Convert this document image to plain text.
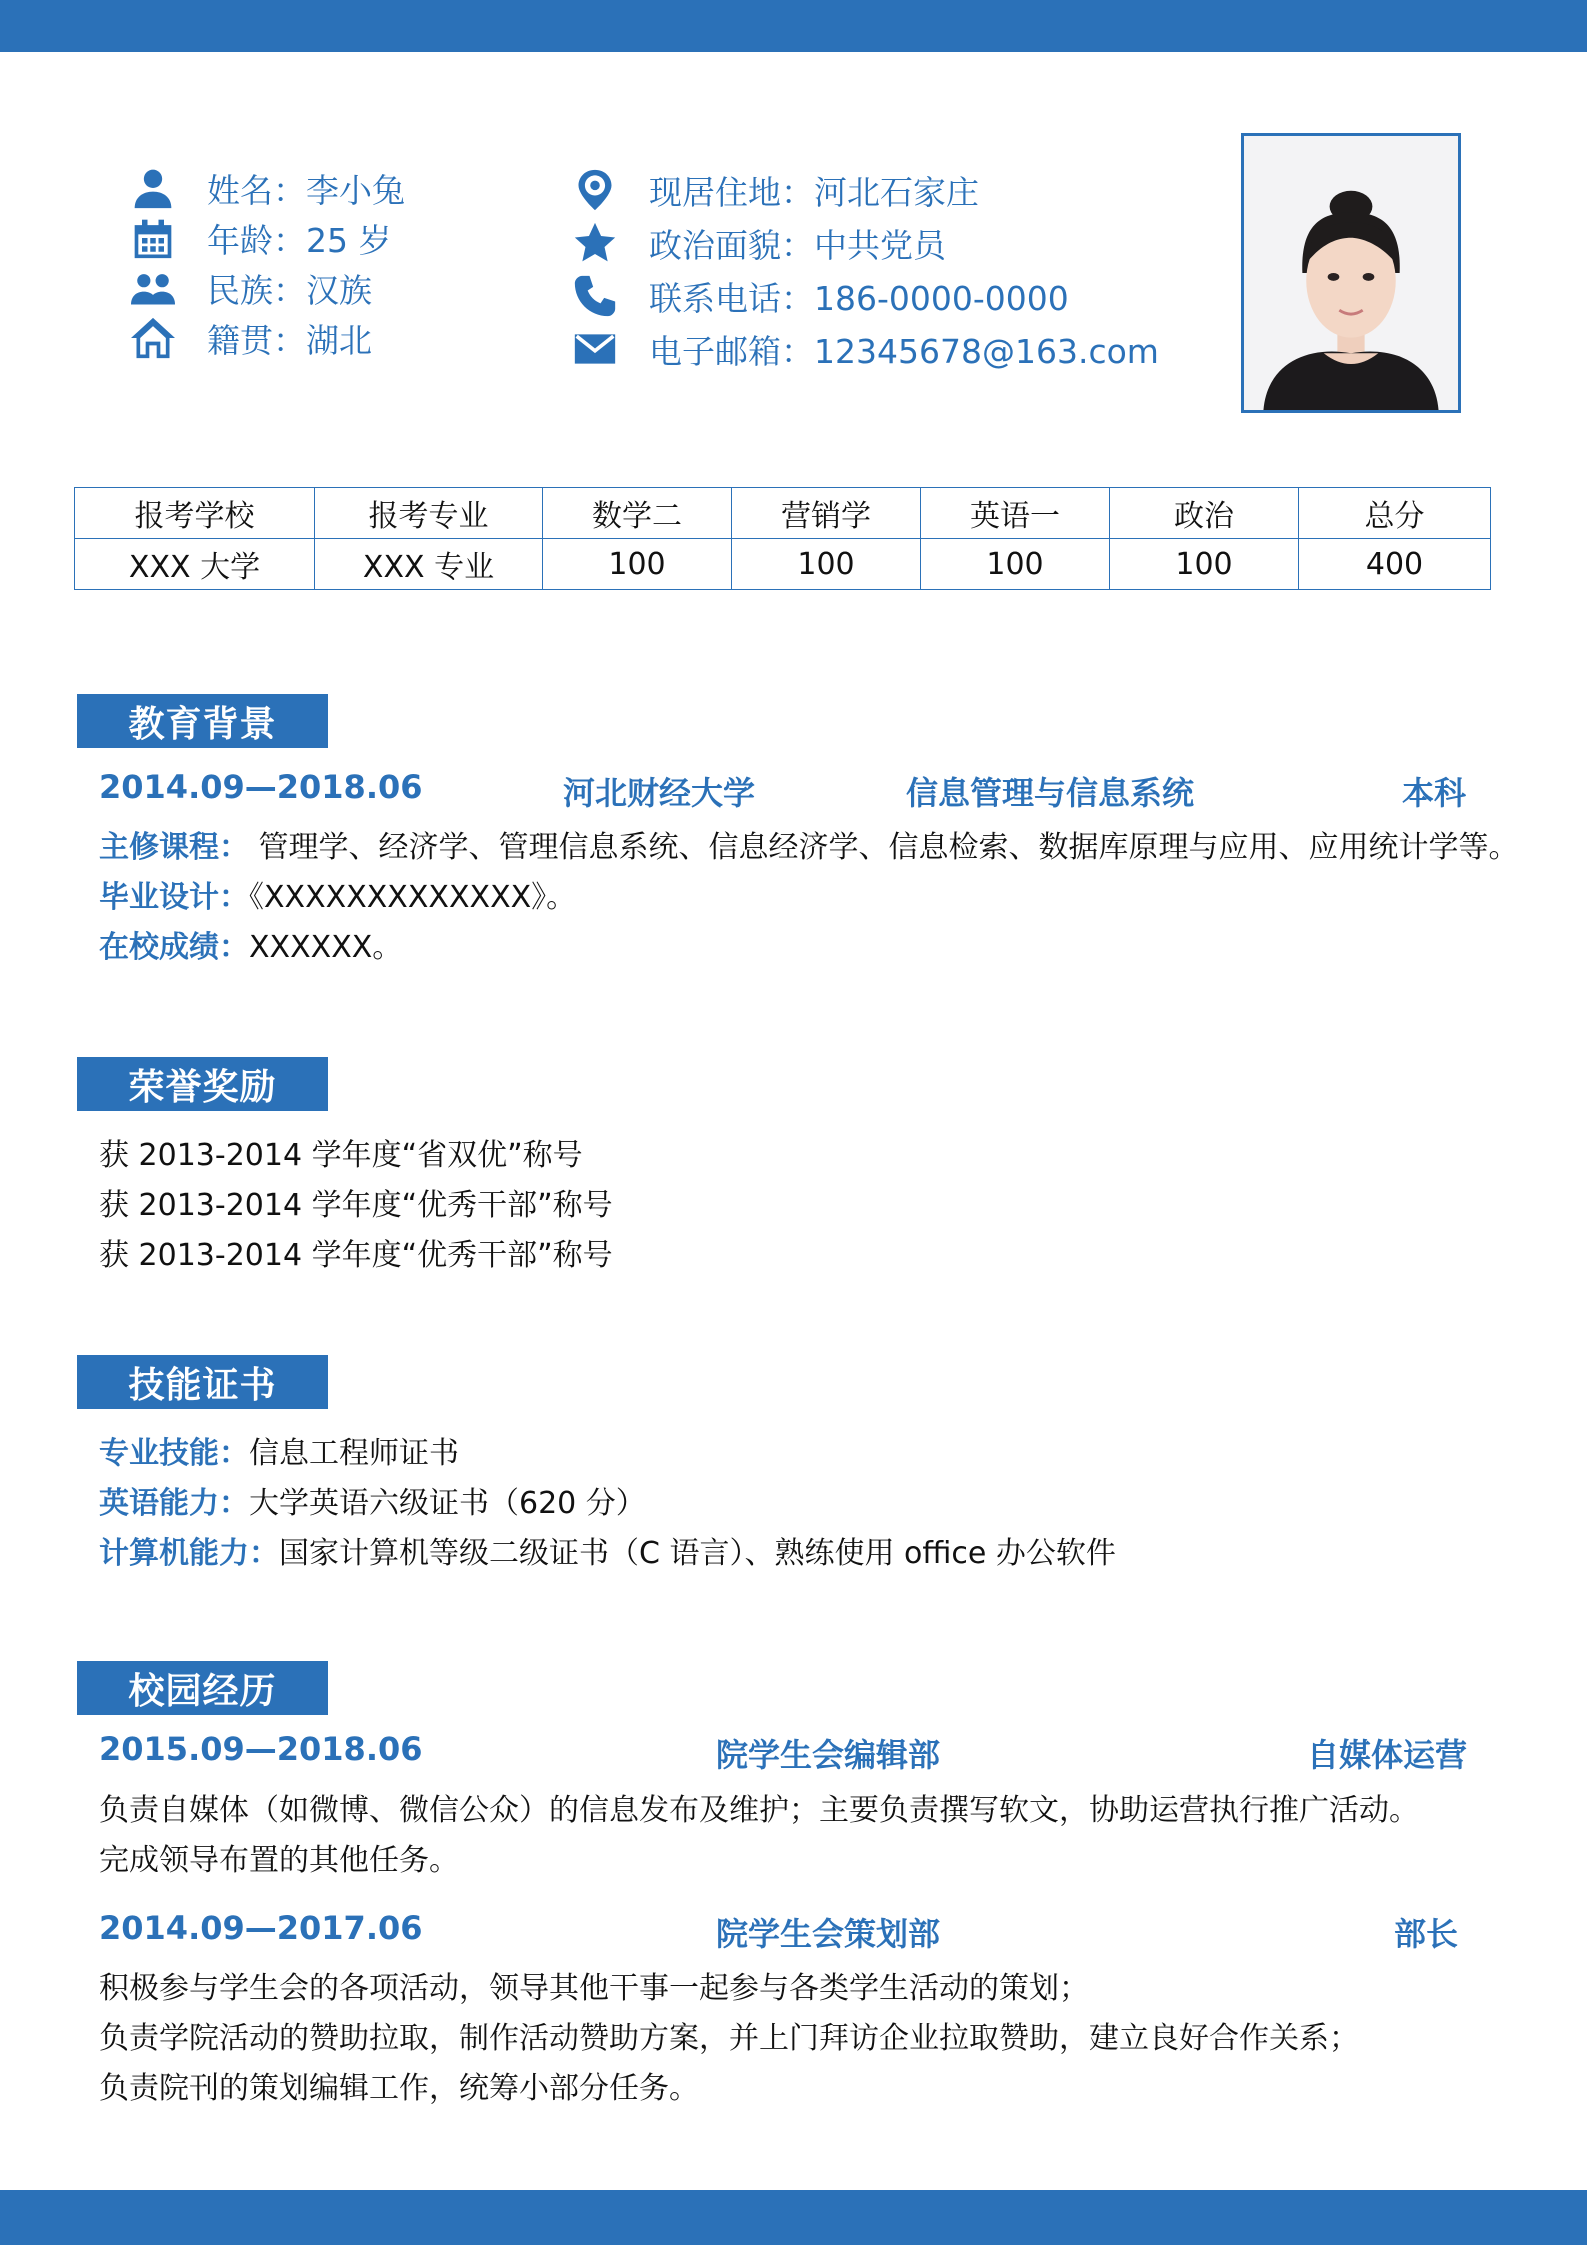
姓名：李小兔
年龄：25 岁
民族：汉族
籍贯：湖北
现居住地：河北石家庄
政治面貌：中共党员
联系电话：186-0000-0000
电子邮箱：12345678@163.com
报考学校	报考专业	数学二	营销学	英语一	政治	总分
XXX 大学	XXX 专业	100	100	100	100	400
教育背景
2014.09—2018.06	河北财经大学	信息管理与信息系统	本科
主修课程： 管理学、经济学、管理信息系统、信息经济学、信息检索、数据库原理与应用、应用统计学等。
毕业设计：《XXXXXXXXXXXXX》。
在校成绩：XXXXXX。
荣誉奖励
获 2013-2014 学年度“省双优”称号
获 2013-2014 学年度“优秀干部”称号
获 2013-2014 学年度“优秀干部”称号
技能证书
专业技能：信息工程师证书
英语能力：大学英语六级证书（620 分）
计算机能力：国家计算机等级二级证书（C 语言）、熟练使用 office 办公软件
校园经历
2015.09—2018.06	院学生会编辑部	自媒体运营
负责自媒体（如微博、微信公众）的信息发布及维护；主要负责撰写软文，协助运营执行推广活动。
完成领导布置的其他任务。
2014.09—2017.06	院学生会策划部	部长
积极参与学生会的各项活动，领导其他干事一起参与各类学生活动的策划；
负责学院活动的赞助拉取，制作活动赞助方案，并上门拜访企业拉取赞助，建立良好合作关系；
负责院刊的策划编辑工作，统筹小部分任务。
